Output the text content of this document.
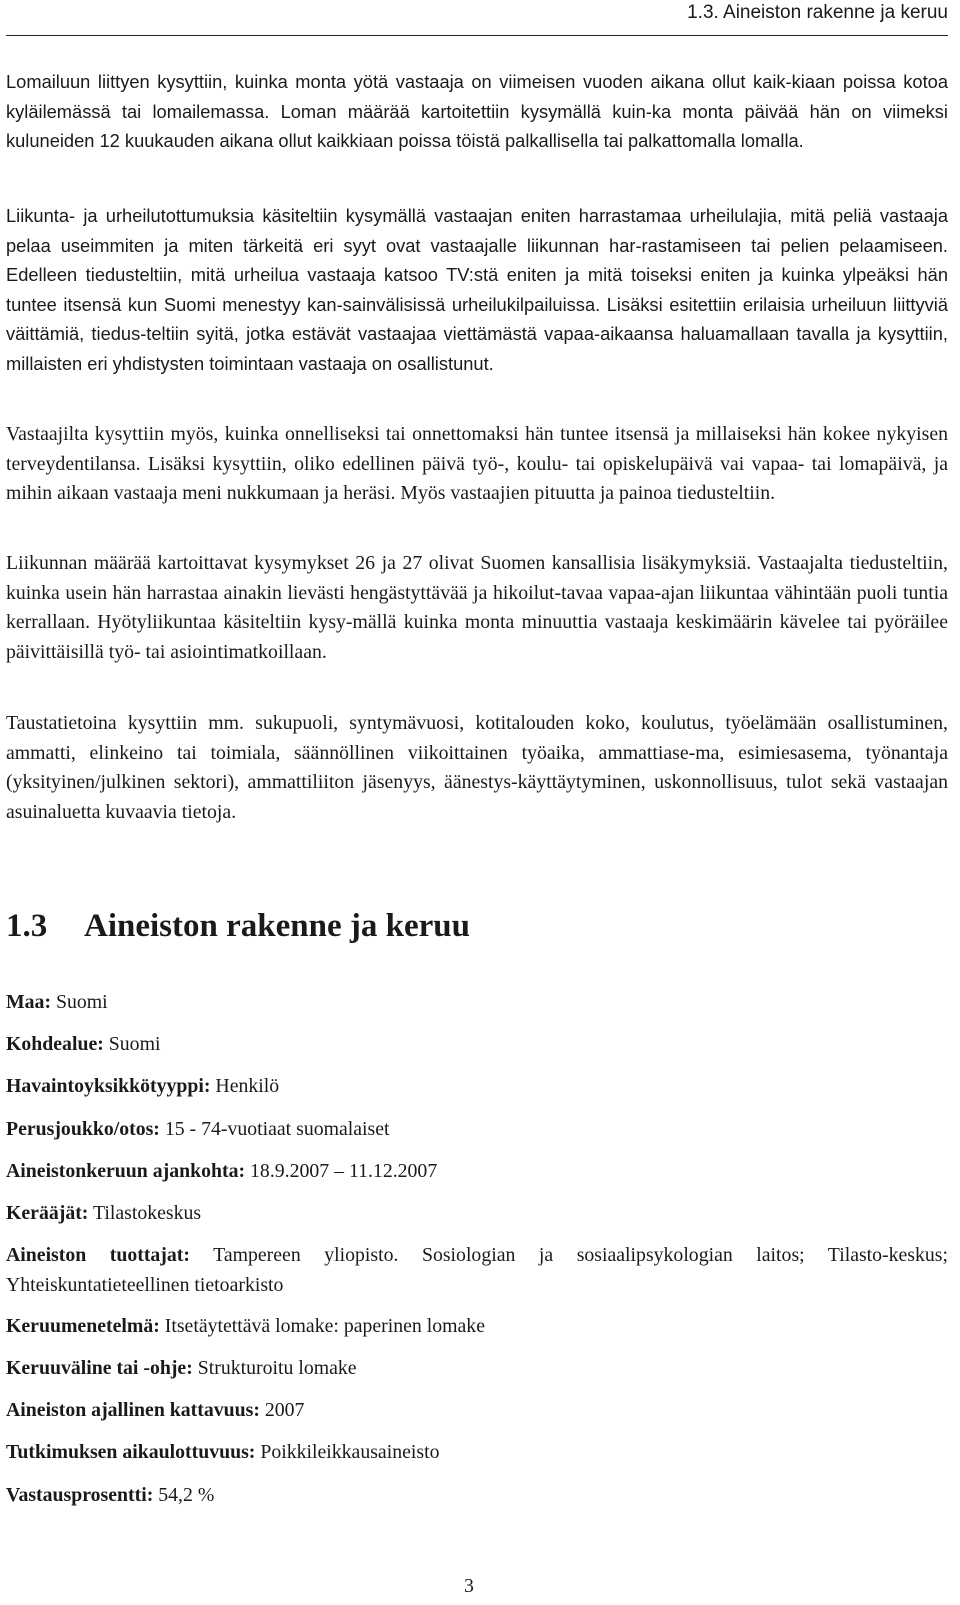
1.3. Aineiston rakenne ja keruu

Lomailuun liittyen kysyttiin, kuinka monta yötä vastaaja on viimeisen vuoden aikana ollut kaik-kiaan poissa kotoa kyläilemässä tai lomailemassa. Loman määrää kartoitettiin kysymällä kuin-ka monta päivää hän on viimeksi kuluneiden 12 kuukauden aikana ollut kaikkiaan poissa töistä palkallisella tai palkattomalla lomalla.

Liikunta- ja urheilutottumuksia käsiteltiin kysymällä vastaajan eniten harrastamaa urheilulajia, mitä peliä vastaaja pelaa useimmiten ja miten tärkeitä eri syyt ovat vastaajalle liikunnan har-rastamiseen tai pelien pelaamiseen. Edelleen tiedusteltiin, mitä urheilua vastaaja katsoo TV:stä eniten ja mitä toiseksi eniten ja kuinka ylpeäksi hän tuntee itsensä kun Suomi menestyy kan-sainvälisissä urheilukilpailuissa. Lisäksi esitettiin erilaisia urheiluun liittyviä väittämiä, tiedus-teltiin syitä, jotka estävät vastaajaa viettämästä vapaa-aikaansa haluamallaan tavalla ja kysyttiin, millaisten eri yhdistysten toimintaan vastaaja on osallistunut.

Vastaajilta kysyttiin myös, kuinka onnelliseksi tai onnettomaksi hän tuntee itsensä ja millaiseksi hän kokee nykyisen terveydentilansa. Lisäksi kysyttiin, oliko edellinen päivä työ-, koulu- tai opiskelupäivä vai vapaa- tai lomapäivä, ja mihin aikaan vastaaja meni nukkumaan ja heräsi. Myös vastaajien pituutta ja painoa tiedusteltiin.

Liikunnan määrää kartoittavat kysymykset 26 ja 27 olivat Suomen kansallisia lisäkymyksiä. Vastaajalta tiedusteltiin, kuinka usein hän harrastaa ainakin lievästi hengästyttävää ja hikoilut-tavaa vapaa-ajan liikuntaa vähintään puoli tuntia kerrallaan. Hyötyliikuntaa käsiteltiin kysy-mällä kuinka monta minuuttia vastaaja keskimäärin kävelee tai pyöräilee päivittäisillä työ- tai asiointimatkoillaan.

Taustatietoina kysyttiin mm. sukupuoli, syntymävuosi, kotitalouden koko, koulutus, työelämään osallistuminen, ammatti, elinkeino tai toimiala, säännöllinen viikoittainen työaika, ammattiase-ma, esimiesasema, työnantaja (yksityinen/julkinen sektori), ammattiliiton jäsenyys, äänestys-käyttäytyminen, uskonnollisuus, tulot sekä vastaajan asuinaluetta kuvaavia tietoja.

1.3 Aineiston rakenne ja keruu

Maa: Suomi

Kohdealue: Suomi

Havaintoyksikkötyyppi: Henkilö

Perusjoukko/otos: 15 - 74-vuotiaat suomalaiset

Aineistonkeruun ajankohta: 18.9.2007 – 11.12.2007

Kerääjät: Tilastokeskus

Aineiston tuottajat: Tampereen yliopisto. Sosiologian ja sosiaalipsykologian laitos; Tilasto-keskus; Yhteiskuntatieteellinen tietoarkisto

Keruumenetelmä: Itsetäytettävä lomake: paperinen lomake

Keruuväline tai -ohje: Strukturoitu lomake

Aineiston ajallinen kattavuus: 2007

Tutkimuksen aikaulottuvuus: Poikkileikkausaineisto

Vastausprosentti: 54,2 %

3
